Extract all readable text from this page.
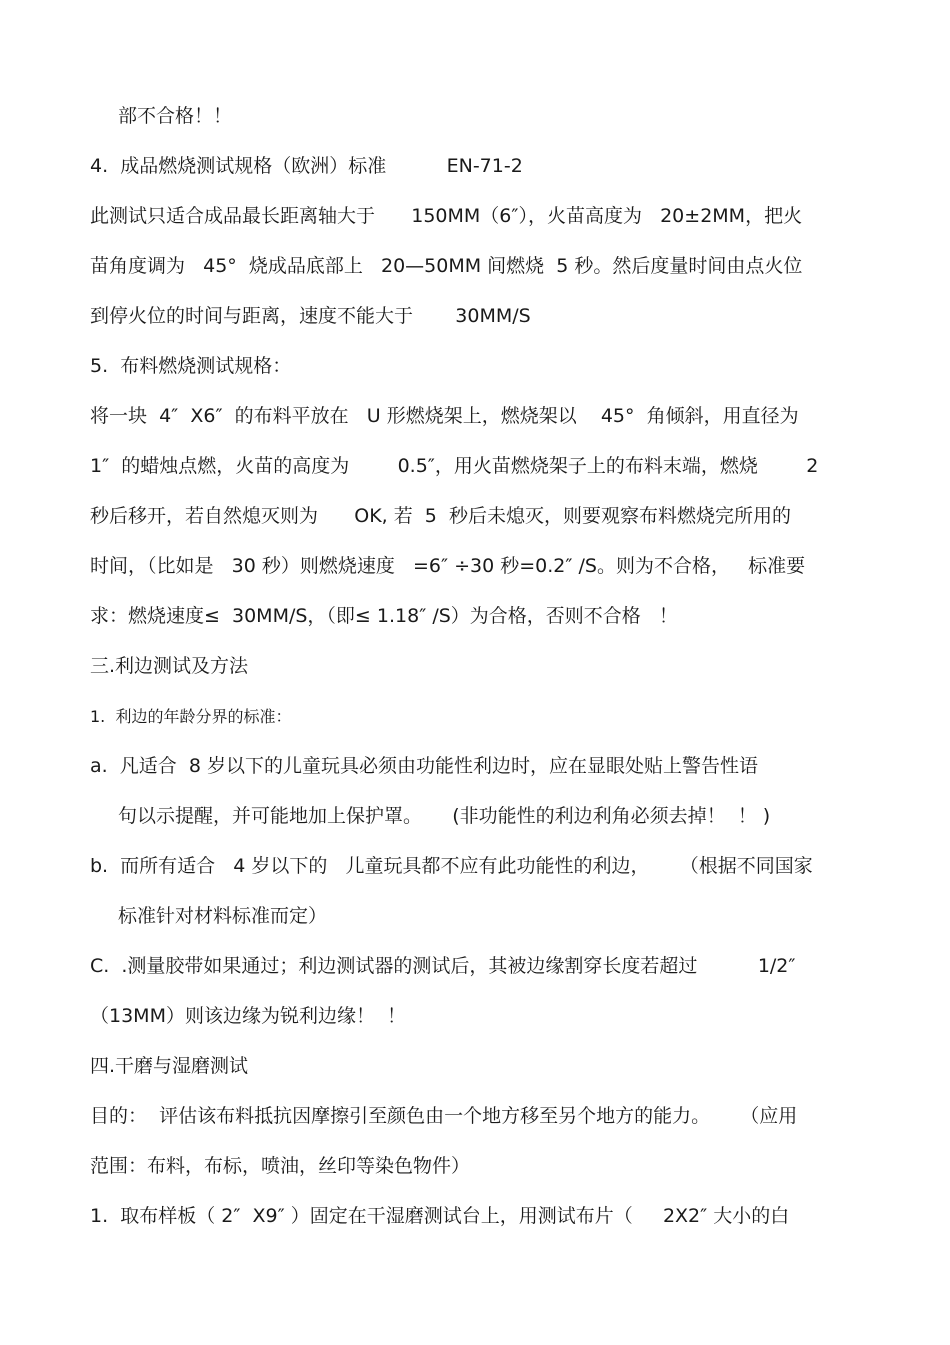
部不合格！！
4.  成品燃烧测试规格（欧洲）标准          EN-71-2
此测试只适合成品最长距离轴大于      150MM（6″），火苗高度为   20±2MM，把火
苗角度调为   45°  烧成品底部上   20—50MM 间燃烧  5 秒。然后度量时间由点火位
到停火位的时间与距离，速度不能大于       30MM/S
5.  布料燃烧测试规格：
将一块  4″  X6″  的布料平放在   U 形燃烧架上，燃烧架以    45°  角倾斜，用直径为
1″  的蜡烛点燃，火苗的高度为        0.5″，用火苗燃烧架子上的布料末端，燃烧        2
秒后移开，若自然熄灭则为      OK, 若  5  秒后未熄灭，则要观察布料燃烧完所用的
时间，（比如是   30 秒）则燃烧速度   =6″ ÷30 秒=0.2″ /S。则为不合格，   标准要
求：燃烧速度≤  30MM/S，（即≤ 1.18″ /S）为合格，否则不合格   ！
三.利边测试及方法
1.  利边的年龄分界的标准：
a.  凡适合  8 岁以下的儿童玩具必须由功能性利边时，应在显眼处贴上警告性语
句以示提醒，并可能地加上保护罩。     (非功能性的利边利角必须去掉！  ！ )
b.  而所有适合   4 岁以下的   儿童玩具都不应有此功能性的利边，     （根据不同国家
标准针对材料标准而定）
C.  .测量胶带如果通过；利边测试器的测试后，其被边缘割穿长度若超过          1/2″
（13MM）则该边缘为锐利边缘！  ！
四.干磨与湿磨测试
目的：  评估该布料抵抗因摩擦引至颜色由一个地方移至另个地方的能力。     （应用
范围：布料，布标，喷油，丝印等染色物件）
1.  取布样板（ 2″  X9″ ）固定在干湿磨测试台上，用测试布片（     2X2″ 大小的白
